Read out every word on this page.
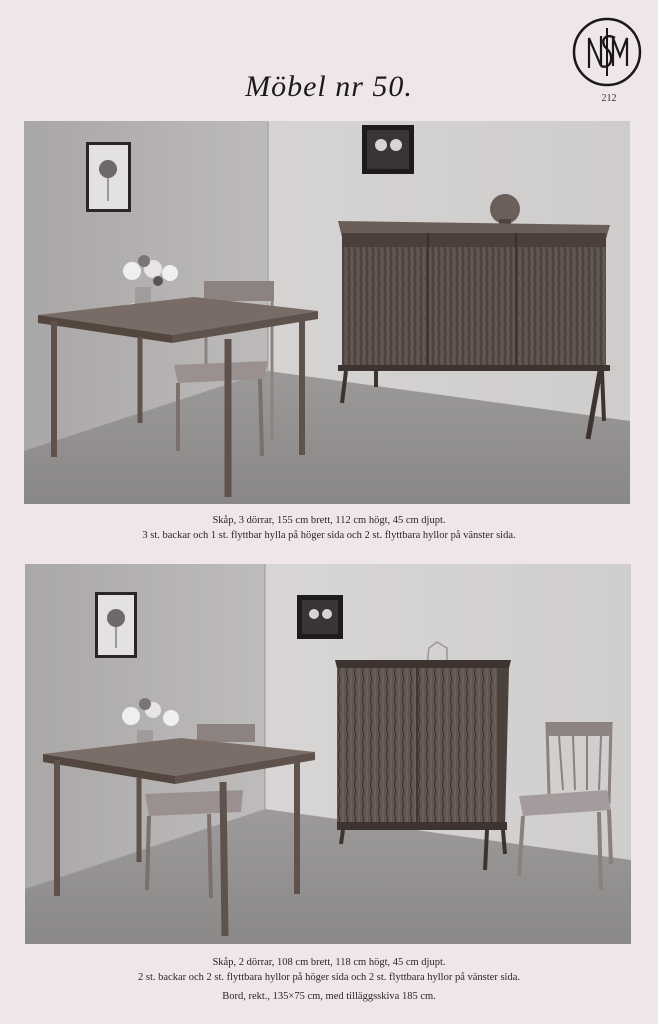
Möbel nr 50.	212
Skåp, 3 dörrar, 155 cm brett, 112 cm högt, 45 cm djupt.
3 st. backar och 1 st. flyttbar hylla på höger sida och 2 st. flyttbara hyllor på vänster sida.
Skåp, 2 dörrar, 108 cm brett, 118 cm högt, 45 cm djupt.
2 st. backar och 2 st. flyttbara hyllor på höger sida och 2 st. flyttbara hyllor på vänster sida.
Bord, rekt., 135×75 cm, med tilläggsskiva 185 cm.
